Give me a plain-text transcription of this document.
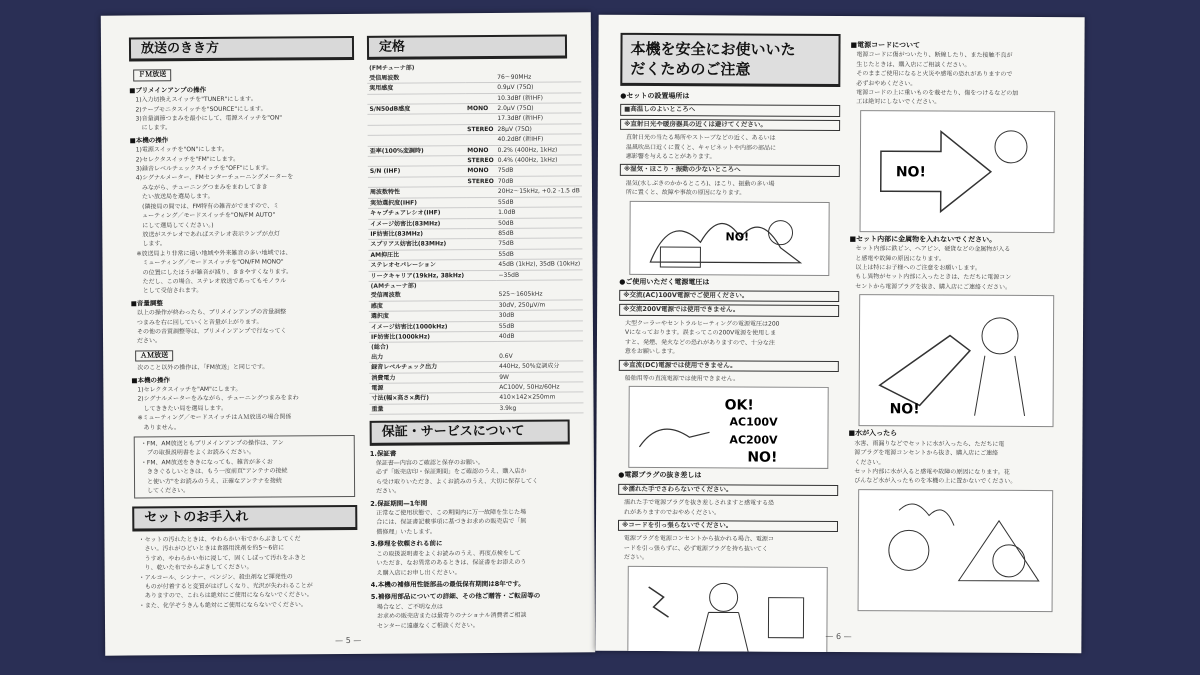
放送のきき方
ＦＭ放送
■プリメインアンプの操作

1)入力切換えスイッチを"TUNER"にします。

2)テープモニタスイッチを"SOURCE"にします。

3)音量調節つまみを最小にして、電源スイッチを"ON"

　にします。

■本機の操作

1)電源スイッチを"ON"にします。

2)セレクタスイッチを"FM"にします。

3)録音レベルチェックスイッチを"OFF"にします。

4)シグナルメーター、FMセンターチューニングメーターを

　みながら、チューニングつまみをまわしてきき

　たい放送局を選局します。

　(隣接局の間では、FM特有の雑音がでますので、ミ

　ューティング／モードスイッチを"ON/FM AUTO"

　にして選局してください。)

　放送がステレオであればステレオ表示ランプが点灯

　します。

※放送局より非常に遠い地域や外来雑音の多い地域では、

　ミューティング／モードスイッチを"ON/FM MONO"

　の位置にしたほうが雑音が減り、ききやすくなります。

　ただし、この場合、ステレオ放送であってもモノラル

　として受信されます。

■音量調整

以上の操作が終わったら、プリメインアンプの音量調整

つまみを右に回していくと音量が上がります。

その他の音質調整等は、プリメインアンプで行なってく

ださい。

ＡＭ放送

次のこと以外の操作は、「FM放送」と同じです。

■本機の操作

1)セレクタスイッチを"AM"にします。

2)シグナルメーターをみながら、チューニングつまみをまわ

　してききたい局を選局します。

※ミューティング／モードスイッチはＡＭ放送の場合関係

　ありません。

・FM、AM放送ともプリメインアンプの操作は、アン

　プの取扱説明書をよくお読みください。

・FM、AM放送をききになっても、雑音が多くお

　ききぐるしいときは、もう一度前頁"アンテナの接続

　と使い方"をお読みのうえ、正確なアンテナを接続

　してください。

セットのお手入れ

・セットの汚れたときは、やわらかい布でからぶきしてくだ

　さい。汚れがひどいときは食器用洗剤を約5～6倍に

　うすめ、やわらかい布に浸して、固くしぼって汚れをふきと

　り、乾いた布でからぶきしてください。

・アルコール、シンナー、ベンジン、殺虫剤など揮発性の

　ものが付着すると変質がはげしくなり、光沢が失われることが

　ありますので、これらは絶対にご使用にならないでください。

・また、化学ぞうきんも絶対にご使用にならないでください。

定格
(FMチューナ部)		
受信周波数		76～90MHz
実用感度		0.9μV (75Ω)
		10.3dBf (新IHF)
S/N50dB感度	MONO	2.0μV (75Ω)
		17.3dBf (新IHF)
	STEREO	28μV (75Ω)
		40.2dBf (新IHF)
歪率(100%変調時)	MONO	0.2% (400Hz, 1kHz)
	STEREO	0.4% (400Hz, 1kHz)
S/N (IHF)	MONO	75dB
	STEREO	70dB
周波数特性		20Hz～15kHz, +0.2 -1.5 dB
実効選択度(IHF)		55dB
キャプチュアレシオ(IHF)		1.0dB
イメージ妨害比(83MHz)		50dB
IF妨害比(83MHz)		85dB
スプリアス妨害比(83MHz)		75dB
AM抑圧比		55dB
ステレオセパレーション		45dB (1kHz), 35dB (10kHz)
リークキャリア(19kHz, 38kHz)		−35dB
(AMチューナ部)		
受信周波数		525～1605kHz
感度		30dV, 250μV/m
選択度		30dB
イメージ妨害比(1000kHz)		55dB
IF妨害比(1000kHz)		40dB
(総合)		
出力		0.6V
録音レベルチェック出力		440Hz, 50%変調成分
消費電力		9W
電源		AC100V, 50Hz/60Hz
寸法(幅×高さ×奥行)		410×142×250mm
重量		3.9kg
保証・サービスについて
1.保証書

保証書—内容のご確認と保存のお願い。

必ず「販売店印・保証期間」をご確認のうえ、購入店か

ら受け取りいただき、よくお読みのうえ、大切に保存してく

ださい。

2.保証期間—1年間

正常なご使用状態で、この期間内に万一故障を生じた場

合には、保証書記載事項に基づきお求めの販売店で「無

償修理」いたします。

3.修理を依頼される前に

この取扱説明書をよくお読みのうえ、再度点検をして

いただき、なお異常のあるときは、保証書をお添えのう

え購入店にお申し出ください。

4.本機の補修用性能部品の最低保有期間は8年です。
5.補修用部品についての詳細、その他ご贈答・ご転居等の

場合など、ご不明な点は

お求めの販売店または最寄りのナショナル消費者ご相談

センターに遠慮なくご相談ください。

— 5 —
本機を安全にお使いいた
だくためのご注意
●セットの設置場所は
■高温しのよいところへ
※直射日光や暖房器具の近くは避けてください。

直射日光の当たる場所やストーブなどの近く、あるいは

温風吹出口近くに置くと、キャビネットや内部の部品に

悪影響を与えることがあります。

※湿気・ほこり・振動の少ないところへ

湿気(水しぶきのかかるところ)、ほこり、振動の多い場

所に置くと、故障や事故の原因になります。

NO!
●ご使用いただく電源電圧は
※交流(AC)100V電源でご使用ください。
※交流200V電源では使用できません。

大型クーラーやセントラルヒーティングの電源電圧は200

Vになっております。誤まってこの200V電源を使用しま

すと、発煙、発火などの恐れがありますので、十分な注

意をお願いします。

※直流(DC)電源では使用できません。

船舶用等の直流電源では使用できません。

OK!
AC100V
AC200V
NO!
●電源プラグの抜き差しは
※濡れた手でさわらないでください。

濡れた手で電源プラグを抜き差しされますと感電する恐

れがありますのでおやめください。

※コードを引っ張らないでください。

電源プラグを電源コンセントから抜かれる場合、電源コ

ードを引っ張らずに、必ず電源プラグを持ち抜いてく

ださい。

■電源コードについて

電源コードに傷がついたり、断線したり、また接触不良が

生じたときは、購入店にご相談ください。

そのままご使用になると火災や感電の恐れがありますので

必ずおやめください。

電源コードの上に重いものを載せたり、傷をつけるなどの加

工は絶対にしないでください。

NO!
■セット内部に金属物を入れないでください。

セット内部に鉄ピン、ヘアピン、硬貨などの金属物が入る

と感電や故障の原因になります。

以上は特にお子様へのご注意をお願いします。

もし異物がセット内部に入ったときは、ただちに電源コン

セントから電源プラグを抜き、購入店にご連絡ください。

NO!
■水が入ったら

水害、雨漏りなどでセットに水が入ったら、ただちに電

源プラグを電源コンセントから抜き、購入店にご連絡

ください。

セット内部に水が入ると感電や故障の原因になります。花

びんなど水が入ったものを本機の上に置かないでください。

— 6 —
